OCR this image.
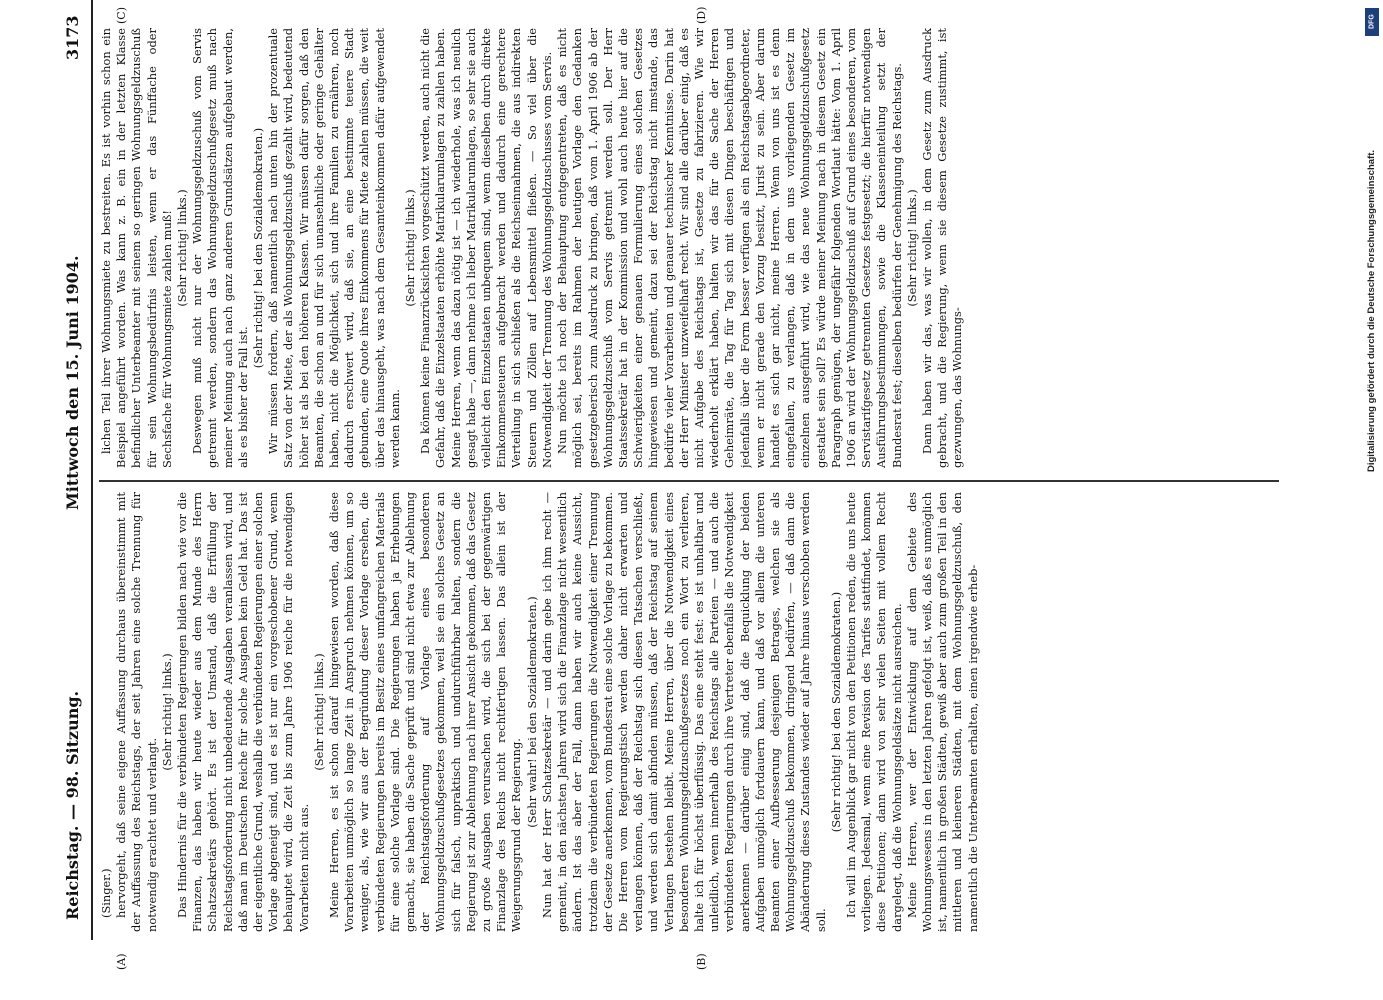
Reichstag. — 98. Sitzung.
Mittwoch den 15. Juni 1904.
3173

(Singer.) hervorgeht, daß seine eigene Auffassung durchaus übereinstimmt mit der Auffassung des Reichstags, der seit Jahren eine solche Trennung für notwendig erachtet und verlangt.

(Sehr richtig! links.) Das Hindernis für die verbündeten Regierungen bilden nach wie vor die Finanzen, das haben wir heute wieder aus dem Munde des Herrn Schatzsekretärs gehört. Es ist der Umstand, daß die Erfüllung der Reichstagsforderung nicht unbedeutende Ausgaben veranlassen wird, und daß man im Deutschen Reiche für solche Ausgaben kein Geld hat. Das ist der eigentliche Grund, weshalb die verbündeten Regierungen einer solchen Vorlage abgeneigt sind, und es ist nur ein vorgeschobener Grund, wenn behauptet wird, die Zeit bis zum Jahre 1906 reiche für die notwendigen Vorarbeiten nicht aus.

(Sehr richtig! links.) Meine Herren, es ist schon darauf hingewiesen worden, daß diese Vorarbeiten unmöglich so lange Zeit in Anspruch nehmen können, um so weniger, als, wie wir aus der Begründung dieser Vorlage ersehen, die verbündeten Regierungen bereits im Besitz eines umfangreichen Materials für eine solche Vorlage sind. Die Regierungen haben ja Erhebungen gemacht, sie haben die Sache geprüft und sind nicht etwa zur Ablehnung der Reichstagsforderung auf Vorlage eines besonderen Wohnungsgeldzuschußgesetzes gekommen, weil sie ein solches Gesetz an sich für falsch, unpraktisch und undurchführbar halten, sondern die Regierung ist zur Ablehnung nach ihrer Ansicht gekommen, daß das Gesetz zu große Ausgaben verursachen wird, die sich bei der gegenwärtigen Finanzlage des Reichs nicht rechtfertigen lassen. Das allein ist der Weigerungsgrund der Regierung.

(Sehr wahr! bei den Sozialdemokraten.) Nun hat der Herr Schatzsekretär — und darin gebe ich ihm recht — gemeint, in den nächsten Jahren wird sich die Finanzlage nicht wesentlich ändern. Ist das aber der Fall, dann haben wir auch keine Aussicht, trotzdem die verbündeten Regierungen die Notwendigkeit einer Trennung der Gesetze anerkennen, vom Bundesrat eine solche Vorlage zu bekommen. Die Herren vom Regierungstisch werden daher nicht erwarten und verlangen können, daß der Reichstag sich diesen Tatsachen verschließt, und werden sich damit abfinden müssen, daß der Reichstag auf seinem Verlangen bestehen bleibt. Meine Herren, über die Notwendigkeit eines besonderen Wohnungsgeldzuschußgesetzes noch ein Wort zu verlieren, halte ich für höchst überflüssig. Das eine steht fest: es ist unhaltbar und unleidlich, wenn innerhalb des Reichstags alle Parteien — und auch die verbündeten Regierungen durch ihre Vertreter ebenfalls die Notwendigkeit anerkennen — darüber einig sind, daß die Bequicklung der beiden Aufgaben unmöglich fortdauern kann, und daß vor allem die unteren Beamten einer Aufbesserung desjenigen Betrages, welchen sie als Wohnungsgeldzuschuß bekommen, dringend bedürfen, — daß dann die Abänderung dieses Zustandes wieder auf Jahre hinaus verschoben werden soll.

(Sehr richtig! bei den Sozialdemokraten.) Ich will im Augenblick gar nicht von den Petitionen reden, die uns heute vorliegen. Jedesmal, wenn eine Revision des Tarifes stattfindet, kommen diese Petitionen; dann wird von sehr vielen Seiten mit vollem Recht dargelegt, daß die Wohnungsgeldsätze nicht ausreichen. Meine Herren, wer der Entwicklung auf dem Gebiete des Wohnungswesens in den letzten Jahren gefolgt ist, weiß, daß es unmöglich ist, namentlich in großen Städten, gewiß aber auch zum großen Teil in den mittleren und kleineren Städten, mit dem Wohnungsgeldzuschuß, den namentlich die Unterbeamten erhalten, einen irgendwie erheb-

lichen Teil ihrer Wohnungsmiete zu bestreiten. Es ist vorhin schon ein Beispiel angeführt worden. Was kann z. B. ein in der letzten Klasse befindlicher Unterbeamter mit seinem so geringen Wohnungsgeldzuschuß für sein Wohnungsbedürfnis leisten, wenn er das Fünffache oder Sechsfache für Wohnungsmiete zahlen muß! (Sehr richtig! links.) Deswegen muß nicht nur der Wohnungsgeldzuschuß vom Servis getrennt werden, sondern das Wohnungsgeldzuschußgesetz muß nach meiner Meinung auch nach ganz anderen Grundsätzen aufgebaut werden, als es bisher der Fall ist.

(Sehr richtig! bei den Sozialdemokraten.) Wir müssen fordern, daß namentlich nach unten hin der prozentuale Satz von der Miete, der als Wohnungsgeldzuschuß gezahlt wird, bedeutend höher ist als bei den höheren Klassen. Wir müssen dafür sorgen, daß den Beamten, die schon an und für sich unansehnliche oder geringe Gehälter haben, nicht die Möglichkeit, sich und ihre Familien zu ernähren, noch dadurch erschwert wird, daß sie, an eine bestimmte teuere Stadt gebunden, eine Quote ihres Einkommens für Miete zahlen müssen, die weit über das hinausgeht, was nach dem Gesamteinkommen dafür aufgewendet werden kann.

(Sehr richtig! links.) Da können keine Finanzrücksichten vorgeschützt werden, auch nicht die Gefahr, daß die Einzelstaaten erhöhte Matrikularumlagen zu zahlen haben. Meine Herren, wenn das dazu nötig ist — ich wiederhole, was ich neulich gesagt habe —, dann nehme ich lieber Matrikularumlagen, so sehr sie auch vielleicht den Einzelstaaten unbequem sind, wenn dieselben durch direkte Einkommensteuern aufgebracht werden und dadurch eine gerechtere Verteilung in sich schließen als die Reichseinnahmen, die aus indirekten Steuern und Zöllen auf Lebensmittel fließen. — So viel über die Notwendigkeit der Trennung des Wohnungsgeldzuschusses vom Servis. Nun möchte ich noch der Behauptung entgegentreten, daß es nicht möglich sei, bereits im Rahmen der heutigen Vorlage den Gedanken gesetzgeberisch zum Ausdruck zu bringen, daß vom 1. April 1906 ab der Wohnungsgeldzuschuß vom Servis getrennt werden soll. Der Herr Staatssekretär hat in der Kommission und wohl auch heute hier auf die Schwierigkeiten einer genauen Formulierung eines solchen Gesetzes hingewiesen und gemeint, dazu sei der Reichstag nicht imstande, das bedürfe vieler Vorarbeiten und genauer technischer Kenntnisse. Darin hat der Herr Minister unzweifelhaft recht. Wir sind alle darüber einig, daß es nicht Aufgabe des Reichstags ist, Gesetze zu fabrizieren. Wie wir wiederholt erklärt haben, halten wir das für die Sache der Herren Geheimräte, die Tag für Tag sich mit diesen Dingen beschäftigen und jedenfalls über die Form besser verfügen als ein Reichstagsabgeordneter, wenn er nicht gerade den Vorzug besitzt, Jurist zu sein. Aber darum handelt es sich gar nicht, meine Herren. Wenn von uns ist es denn eingefallen, zu verlangen, daß in dem uns vorliegenden Gesetz im einzelnen ausgeführt wird, wie das neue Wohnungsgeldzuschußgesetz gestaltet sein soll? Es würde meiner Meinung nach in diesem Gesetz ein Paragraph genügen, der ungefähr folgenden Wortlaut hätte: Vom 1. April 1906 an wird der Wohnungsgeldzuschuß auf Grund eines besonderen, vom Servistarifgesetz getrennten Gesetzes festgesetzt; die hierfür notwendigen Ausführungsbestimmungen, sowie die Klasseneinteilung setzt der Bundesrat fest; dieselben bedürfen der Genehmigung des Reichstags. (Sehr richtig! links.) Dann haben wir das, was wir wollen, in dem Gesetz zum Ausdruck gebracht, und die Regierung, wenn sie diesem Gesetze zustimmt, ist gezwungen, das Wohnungs-

(A)	(B)
(C)	(D)
Digitalisierung gefördert durch die Deutsche Forschungsgemeinschaft.
DFG
